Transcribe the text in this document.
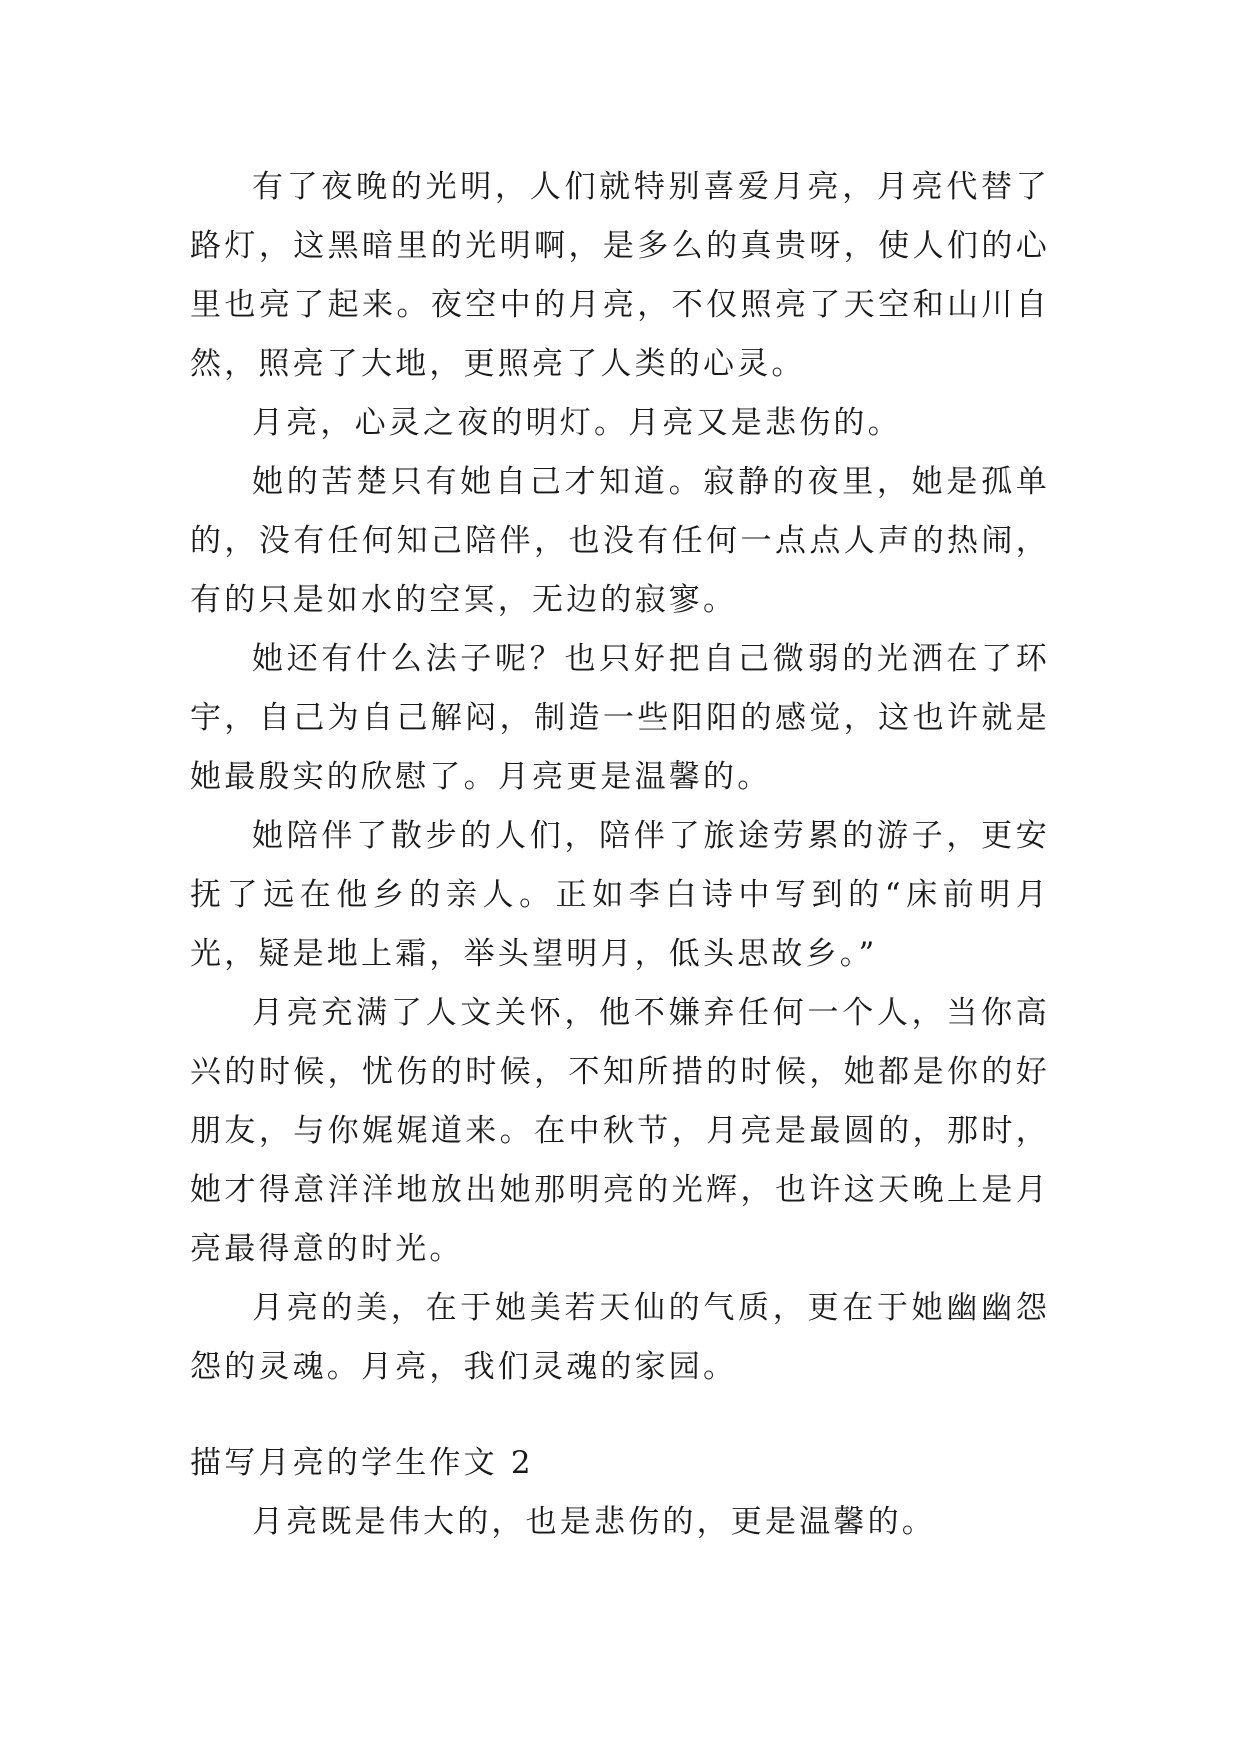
有了夜晚的光明，人们就特别喜爱月亮，月亮代替了路灯，这黑暗里的光明啊，是多么的真贵呀，使人们的心里也亮了起来。夜空中的月亮，不仅照亮了天空和山川自然，照亮了大地，更照亮了人类的心灵。

月亮，心灵之夜的明灯。月亮又是悲伤的。

她的苦楚只有她自己才知道。寂静的夜里，她是孤单的，没有任何知己陪伴，也没有任何一点点人声的热闹，有的只是如水的空冥，无边的寂寥。

她还有什么法子呢？也只好把自己微弱的光洒在了环宇，自己为自己解闷，制造一些阳阳的感觉，这也许就是她最殷实的欣慰了。月亮更是温馨的。

她陪伴了散步的人们，陪伴了旅途劳累的游子，更安抚了远在他乡的亲人。正如李白诗中写到的“床前明月光，疑是地上霜，举头望明月，低头思故乡。”

月亮充满了人文关怀，他不嫌弃任何一个人，当你高兴的时候，忧伤的时候，不知所措的时候，她都是你的好朋友，与你娓娓道来。在中秋节，月亮是最圆的，那时，她才得意洋洋地放出她那明亮的光辉，也许这天晚上是月亮最得意的时光。

月亮的美，在于她美若天仙的气质，更在于她幽幽怨怨的灵魂。月亮，我们灵魂的家园。

描写月亮的学生作文 2

月亮既是伟大的，也是悲伤的，更是温馨的。
